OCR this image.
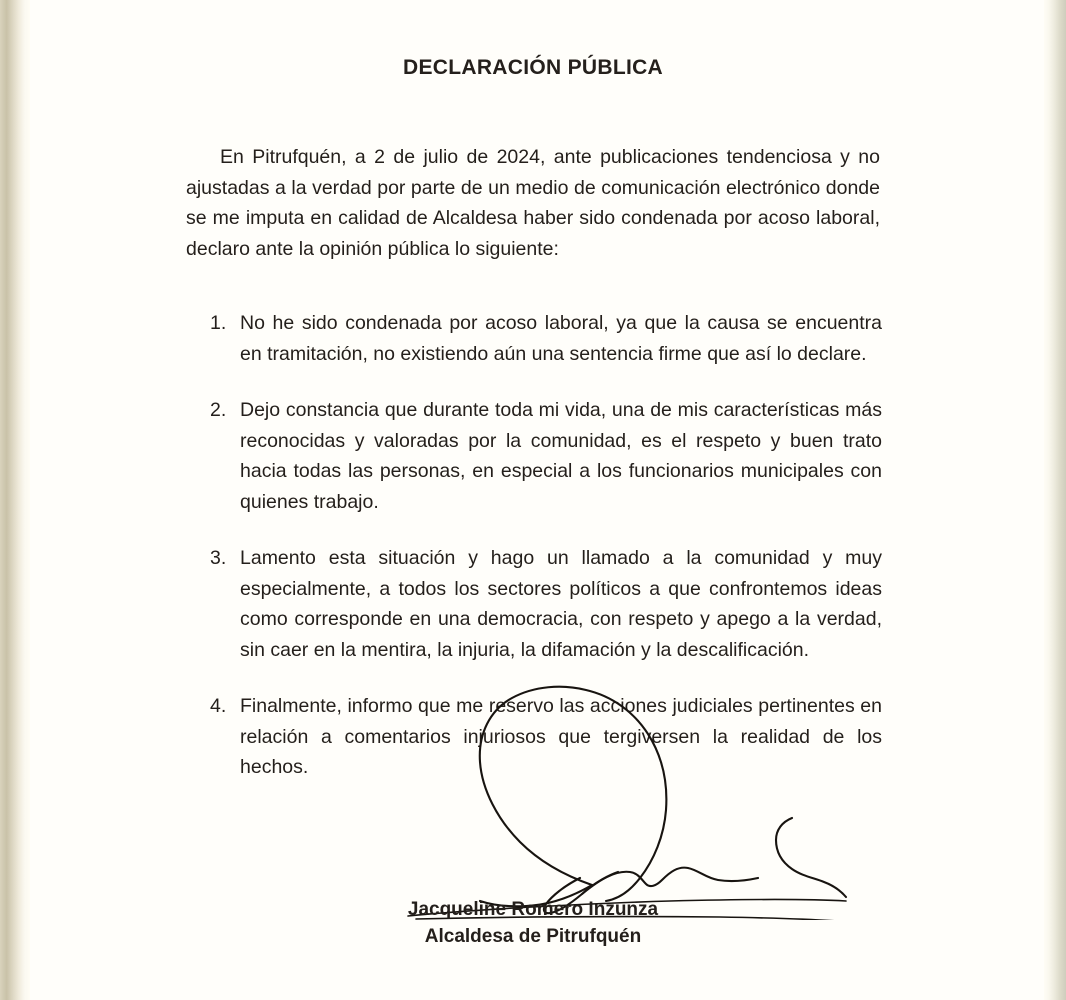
DECLARACIÓN PÚBLICA
En Pitrufquén, a 2 de julio de 2024, ante publicaciones tendenciosa y no ajustadas a la verdad por parte de un medio de comunicación electrónico donde se me imputa en calidad de Alcaldesa haber sido condenada por acoso laboral, declaro ante la opinión pública lo siguiente:
1. No he sido condenada por acoso laboral, ya que la causa se encuentra en tramitación, no existiendo aún una sentencia firme que así lo declare.
2. Dejo constancia que durante toda mi vida, una de mis características más reconocidas y valoradas por la comunidad, es el respeto y buen trato hacia todas las personas, en especial a los funcionarios municipales con quienes trabajo.
3. Lamento esta situación y hago un llamado a la comunidad y muy especialmente, a todos los sectores políticos a que confrontemos ideas como corresponde en una democracia, con respeto y apego a la verdad, sin caer en la mentira, la injuria, la difamación y la descalificación.
4. Finalmente, informo que me reservo las acciones judiciales pertinentes en relación a comentarios injuriosos que tergiversen la realidad de los hechos.
Jacqueline Romero Inzunza
Alcaldesa de Pitrufquén
